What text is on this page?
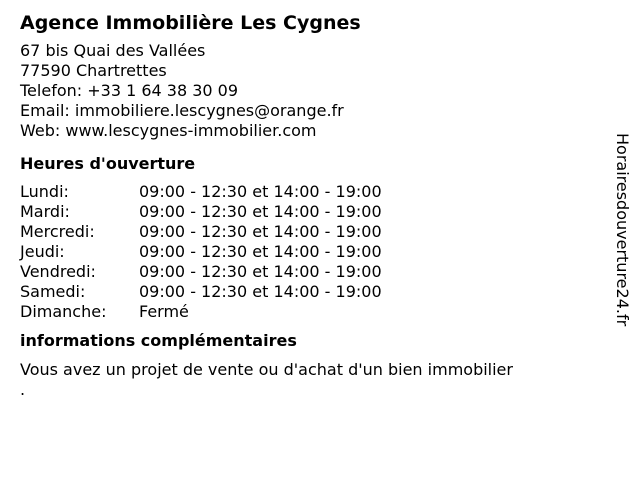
Agence Immobilière Les Cygnes
67 bis Quai des Vallées
77590 Chartrettes
Telefon: +33 1 64 38 30 09
Email: immobiliere.lescygnes@orange.fr
Web: www.lescygnes-immobilier.com
Heures d'ouverture
Lundi:	09:00 - 12:30 et 14:00 - 19:00
Mardi:	09:00 - 12:30 et 14:00 - 19:00
Mercredi:	09:00 - 12:30 et 14:00 - 19:00
Jeudi:	09:00 - 12:30 et 14:00 - 19:00
Vendredi:	09:00 - 12:30 et 14:00 - 19:00
Samedi:	09:00 - 12:30 et 14:00 - 19:00
Dimanche:	Fermé
informations complémentaires

Vous avez un projet de vente ou d'achat d'un bien immobilier

.

Horairesdouverture24.fr
